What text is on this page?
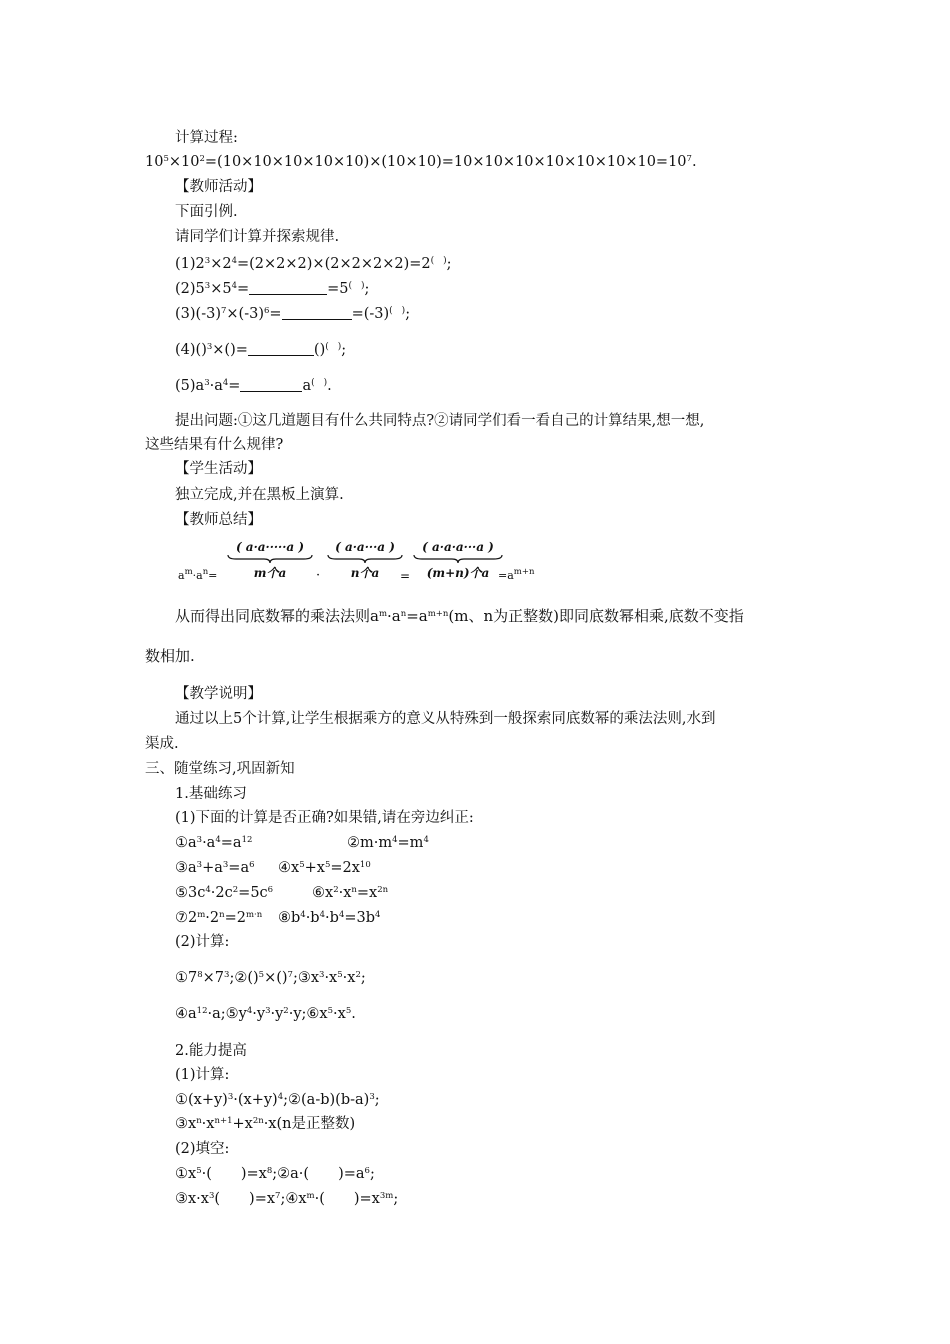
计算过程:
$10^5\times 10^2=(10\times 10\times 10\times 10\times 10)\times(10\times 10)=10\times 10\times 10\times 10\times 10\times 10\times 10=10^7$.
【教师活动】
下面引例.
请同学们计算并探索规律.
$(1)2^3\times 2^4=(2\times 2\times 2)\times(2\times 2\times 2\times 2)=2^{( )}$;
$(2)5^3\times 5^4=$	=5(　);
$(3)(-3)^7\times(-3)^6=$	=(-3)(　);
(4)()$^3$×()=	()(　);
$(5)a^3\cdot a^4=$	a(　).
提出问题:①这几道题目有什么共同特点?②请同学们看一看自己的计算结果,想一想,
这些结果有什么规律?
【学生活动】
独立完成,并在黑板上演算.
【教师总结】
$a^m\cdot a^n=$
( a·a·····a )
m个a	·
( a·a···a )
n个a	=
( a·a·a···a )
(m+n)个$a =a^{m+n}$
从而得出同底数幂的乘法法则$a^m\cdot a^n=a^{m+n}(m$、n为正整数)即同底数幂相乘,底数不变指
数相加.
【教学说明】
通过以上5个计算,让学生根据乘方的意义从特殊到一般探索同底数幂的乘法法则,水到
渠成.
三、随堂练习,巩固新知
1.基础练习
(1)下面的计算是否正确?如果错,请在旁边纠正:
$①a^3\cdot a^4=a^{12}$	$②m\cdot m^4=m^4$
$③a^3+a^3=a^6$ $④x^5+x^5=2x^{10}$
$⑤3c^4\cdot 2c^2=5c^6$	$⑥x^2\cdot x^n=x^{2n}$
$⑦2^m\cdot 2^n=2^{m\cdot n}$ $⑧b^4\cdot b^4\cdot b^4=3b^4$
(2)计算:
$①7^8\times 7^3;②()^5\times()^7;③x^3\cdot x^5\cdot x^2$;
$④a^{12}\cdot a;⑤y^4\cdot y^3\cdot y^2\cdot y;⑥x^5\cdot x^5$.
2.能力提高
(1)计算:
$①(x+y)^3\cdot(x+y)^4;②(a-b)(b-a)^3$;
$③x^n\cdot x^{n+1}+x^{2n}\cdot x(n$是正整数)
(2)填空:
$①x^5\cdot$(　　)$=x^8;②a\cdot$(　　)$=a^6$;
$③x\cdot x^3$(　　)$=x^7;④x^m\cdot$(　　)$=x^{3m}$;
